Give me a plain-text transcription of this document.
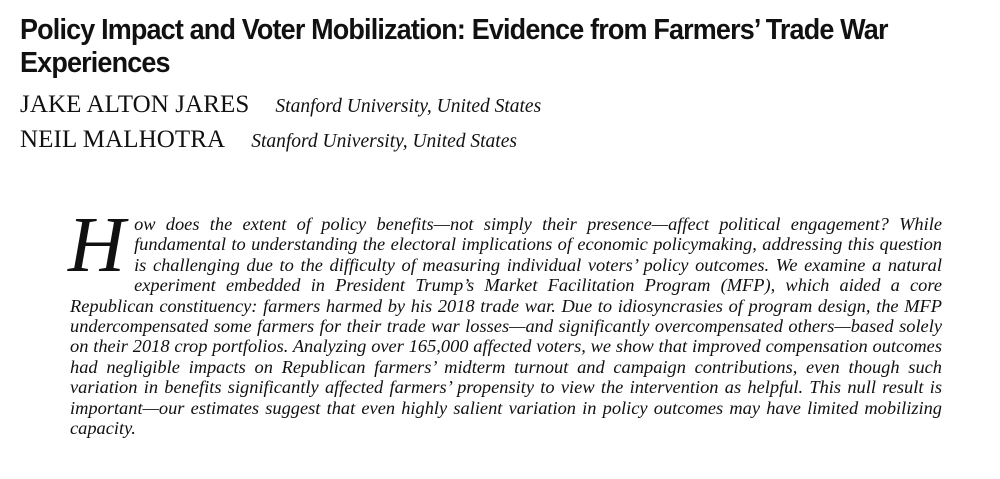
Policy Impact and Voter Mobilization: Evidence from Farmers’ Trade War Experiences
JAKE ALTON JARES Stanford University, United States
NEIL MALHOTRA Stanford University, United States

How does the extent of policy benefits—not simply their presence—affect political engagement? While fundamental to understanding the electoral implications of economic policymaking, addressing this question is challenging due to the difficulty of measuring individual voters’ policy outcomes. We examine a natural experiment embedded in President Trump’s Market Facilitation Program (MFP), which aided a core Republican constituency: farmers harmed by his 2018 trade war. Due to idiosyncrasies of program design, the MFP undercompensated some farmers for their trade war losses—and significantly overcompensated others—based solely on their 2018 crop portfolios. Analyzing over 165,000 affected voters, we show that improved compensation outcomes had negligible impacts on Republican farmers’ midterm turnout and campaign contributions, even though such variation in benefits significantly affected farmers’ propensity to view the intervention as helpful. This null result is important—our estimates suggest that even highly salient variation in policy outcomes may have limited mobilizing capacity.
